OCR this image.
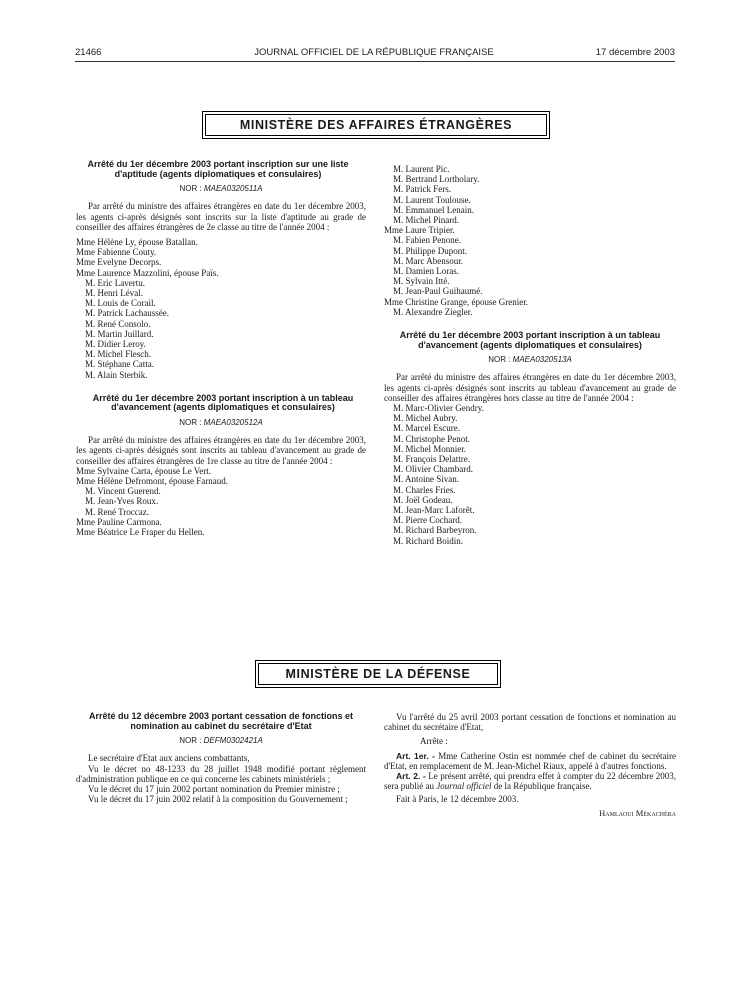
21466	JOURNAL OFFICIEL DE LA RÉPUBLIQUE FRANÇAISE	17 décembre 2003
MINISTÈRE DES AFFAIRES ÉTRANGÈRES
Arrêté du 1er décembre 2003 portant inscription sur une liste d'aptitude (agents diplomatiques et consulaires)
NOR : MAEA0320511A

Par arrêté du ministre des affaires étrangères en date du 1er décembre 2003, les agents ci-après désignés sont inscrits sur la liste d'aptitude au grade de conseiller des affaires étrangères de 2e classe au titre de l'année 2004 :

Mme Hélène Ly, épouse Batallan.
Mme Fabienne Couty.
Mme Evelyne Decorps.
Mme Laurence Mazzolini, épouse Païs.
M. Eric Lavertu.
M. Henri Léval.
M. Louis de Corail.
M. Patrick Lachaussée.
M. René Consolo.
M. Martin Juillard.
M. Didier Leroy.
M. Michel Flesch.
M. Stéphane Catta.
M. Alain Sterbik.
Arrêté du 1er décembre 2003 portant inscription à un tableau d'avancement (agents diplomatiques et consulaires)
NOR : MAEA0320512A

Par arrêté du ministre des affaires étrangères en date du 1er décembre 2003, les agents ci-après désignés sont inscrits au tableau d'avancement au grade de conseiller des affaires étrangères de 1re classe au titre de l'année 2004 :

Mme Sylvaine Carta, épouse Le Vert.
Mme Hélène Defromont, épouse Farnaud.
M. Vincent Guerend.
M. Jean-Yves Roux.
M. René Troccaz.
Mme Pauline Carmona.
Mme Béatrice Le Fraper du Hellen.
M. Laurent Pic.
M. Bertrand Lortholary.
M. Patrick Fers.
M. Laurent Toulouse.
M. Emmanuel Lenain.
M. Michel Pinard.
Mme Laure Tripier.
M. Fabien Penone.
M. Philippe Dupont.
M. Marc Abensour.
M. Damien Loras.
M. Sylvain Itté.
M. Jean-Paul Guihaumé.
Mme Christine Grange, épouse Grenier.
M. Alexandre Ziegler.
Arrêté du 1er décembre 2003 portant inscription à un tableau d'avancement (agents diplomatiques et consulaires)
NOR : MAEA0320513A

Par arrêté du ministre des affaires étrangères en date du 1er décembre 2003, les agents ci-après désignés sont inscrits au tableau d'avancement au grade de conseiller des affaires étrangères hors classe au titre de l'année 2004 :

M. Marc-Olivier Gendry.
M. Michel Aubry.
M. Marcel Escure.
M. Christophe Penot.
M. Michel Monnier.
M. François Delattre.
M. Olivier Chambard.
M. Antoine Sivan.
M. Charles Fries.
M. Joël Godeau.
M. Jean-Marc Laforêt.
M. Pierre Cochard.
M. Richard Barbeyron.
M. Richard Boidin.
MINISTÈRE DE LA DÉFENSE
Arrêté du 12 décembre 2003 portant cessation de fonctions et nomination au cabinet du secrétaire d'Etat
NOR : DEFM0302421A

Le secrétaire d'Etat aux anciens combattants,

Vu le décret no 48-1233 du 28 juillet 1948 modifié portant règlement d'administration publique en ce qui concerne les cabinets ministériels ;

Vu le décret du 17 juin 2002 portant nomination du Premier ministre ;

Vu le décret du 17 juin 2002 relatif à la composition du Gouvernement ;

Vu l'arrêté du 25 avril 2003 portant cessation de fonctions et nomination au cabinet du secrétaire d'Etat,

Arrête :

Art. 1er. - Mme Catherine Ostin est nommée chef de cabinet du secrétaire d'Etat, en remplacement de M. Jean-Michel Riaux, appelé à d'autres fonctions.

Art. 2. - Le présent arrêté, qui prendra effet à compter du 22 décembre 2003, sera publié au Journal officiel de la République française.

Fait à Paris, le 12 décembre 2003.

Hamlaoui Mékachéra
